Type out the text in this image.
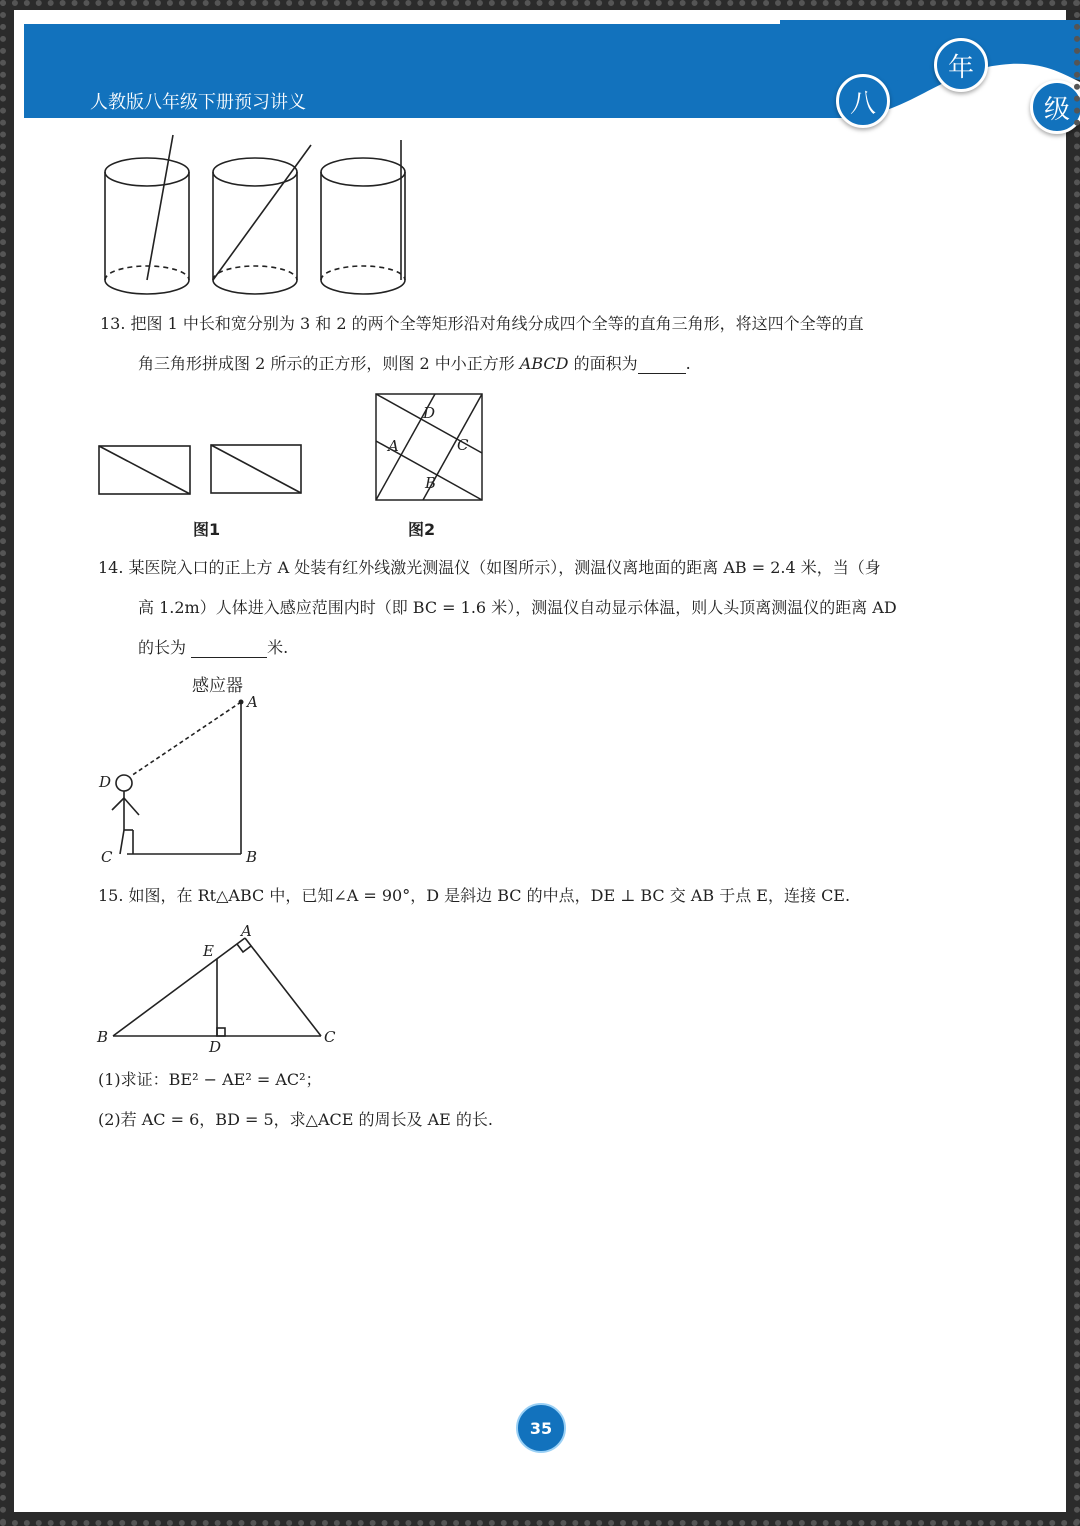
人教版八年级下册预习讲义	八
年
级
13. 把图 1 中长和宽分别为 3 和 2 的两个全等矩形沿对角线分成四个全等的直角三角形，将这四个全等的直
角三角形拼成图 2 所示的正方形，则图 2 中小正方形 ABCD 的面积为	.
图1
D
A	C
B
图2
14. 某医院入口的正上方 A 处装有红外线激光测温仪（如图所示），测温仪离地面的距离 AB = 2.4 米，当（身
高 1.2m）人体进入感应范围内时（即 BC = 1.6 米），测温仪自动显示体温，则人头顶离测温仪的距离 AD
的长为	米.
感应器
A
D
C	B
15. 如图，在 Rt△ABC 中，已知∠A = 90°，D 是斜边 BC 的中点，DE ⊥ BC 交 AB 于点 E，连接 CE.
A
E
B
D
C
(1)求证：BE² − AE² = AC²；
(2)若 AC = 6，BD = 5，求△ACE 的周长及 AE 的长.
35
